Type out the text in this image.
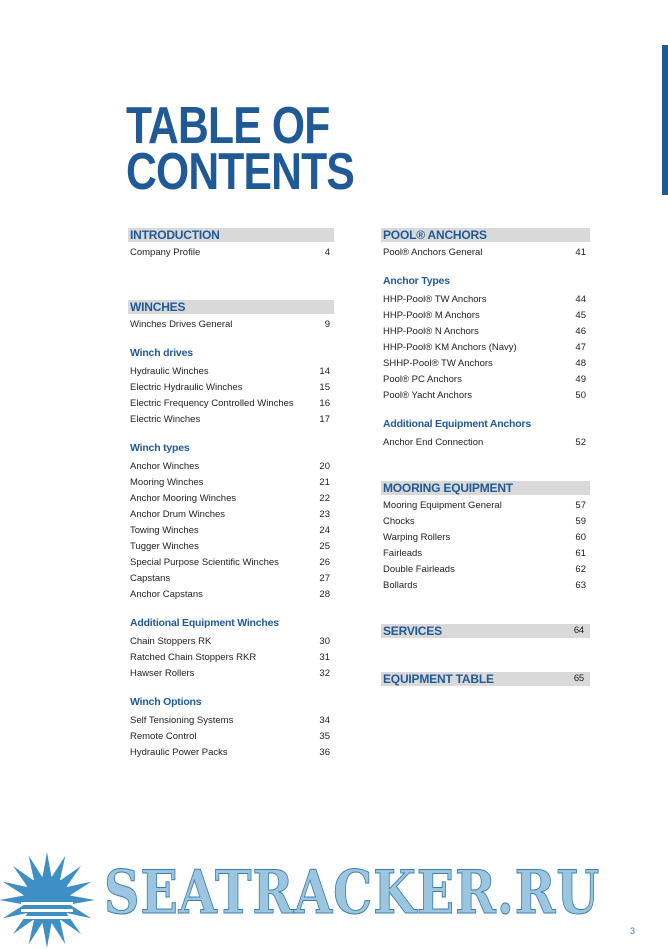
TABLE OF
CONTENTS
INTRODUCTION
Company Profile	4
WINCHES
Winches Drives General	9
Winch drives
Hydraulic Winches	14
Electric Hydraulic Winches	15
Electric Frequency Controlled Winches	16
Electric Winches	17
Winch types
Anchor Winches	20
Mooring Winches	21
Anchor Mooring Winches	22
Anchor Drum Winches	23
Towing Winches	24
Tugger Winches	25
Special Purpose Scientific Winches	26
Capstans	27
Anchor Capstans	28
Additional Equipment Winches
Chain Stoppers RK	30
Ratched Chain Stoppers RKR	31
Hawser Rollers	32
Winch Options
Self Tensioning Systems	34
Remote Control	35
Hydraulic Power Packs	36
POOL® ANCHORS
Pool® Anchors General	41
Anchor Types
HHP-Pool® TW Anchors	44
HHP-Pool® M Anchors	45
HHP-Pool® N Anchors	46
HHP-Pool® KM Anchors (Navy)	47
SHHP-Pool® TW Anchors	48
Pool® PC Anchors	49
Pool® Yacht Anchors	50
Additional Equipment Anchors
Anchor End Connection	52
MOORING EQUIPMENT
Mooring Equipment General	57
Chocks	59
Warping Rollers	60
Fairleads	61
Double Fairleads	62
Bollards	63
SERVICES	64
EQUIPMENT TABLE	65
SEATRACKER.RU
3
